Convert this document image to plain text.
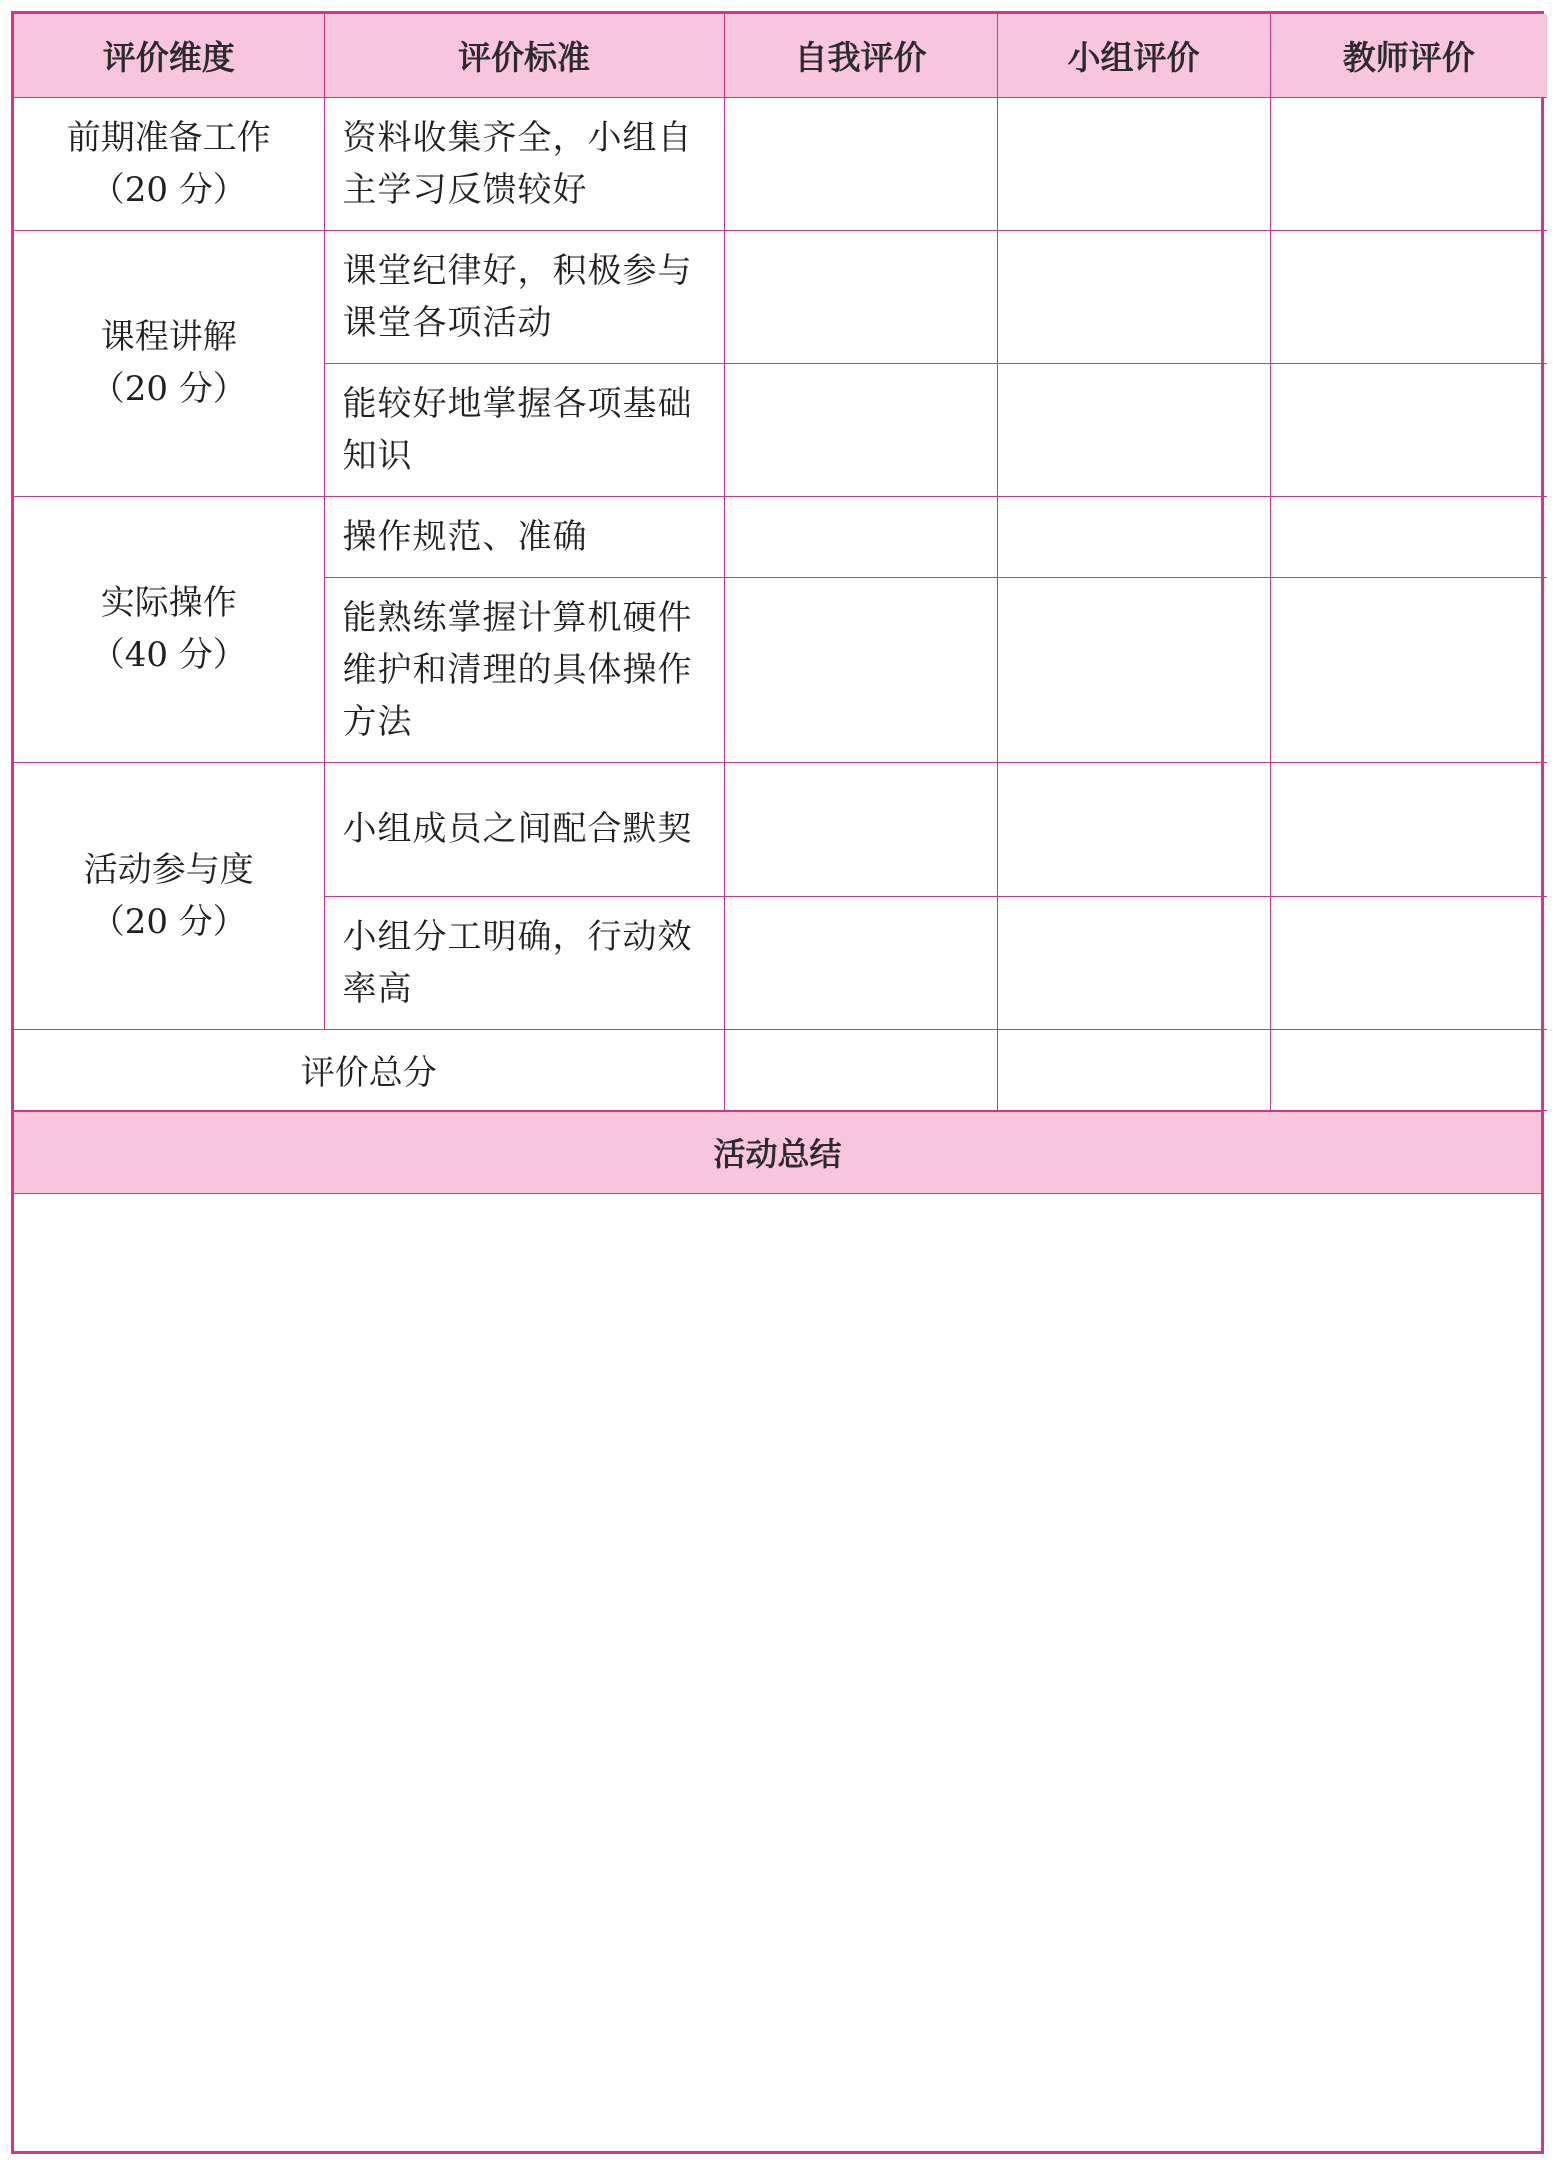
评价维度	评价标准	自我评价	小组评价	教师评价

前期准备工作
（20 分）	资料收集齐全，小组自主学习反馈较好			

课程讲解
（20 分）	课堂纪律好，积极参与课堂各项活动			
	能较好地掌握各项基础知识			

实际操作
（40 分）	操作规范、准确			
	能熟练掌握计算机硬件维护和清理的具体操作方法			

活动参与度
（20 分）	小组成员之间配合默契			
	小组分工明确，行动效率高			
评价总分				
活动总结
